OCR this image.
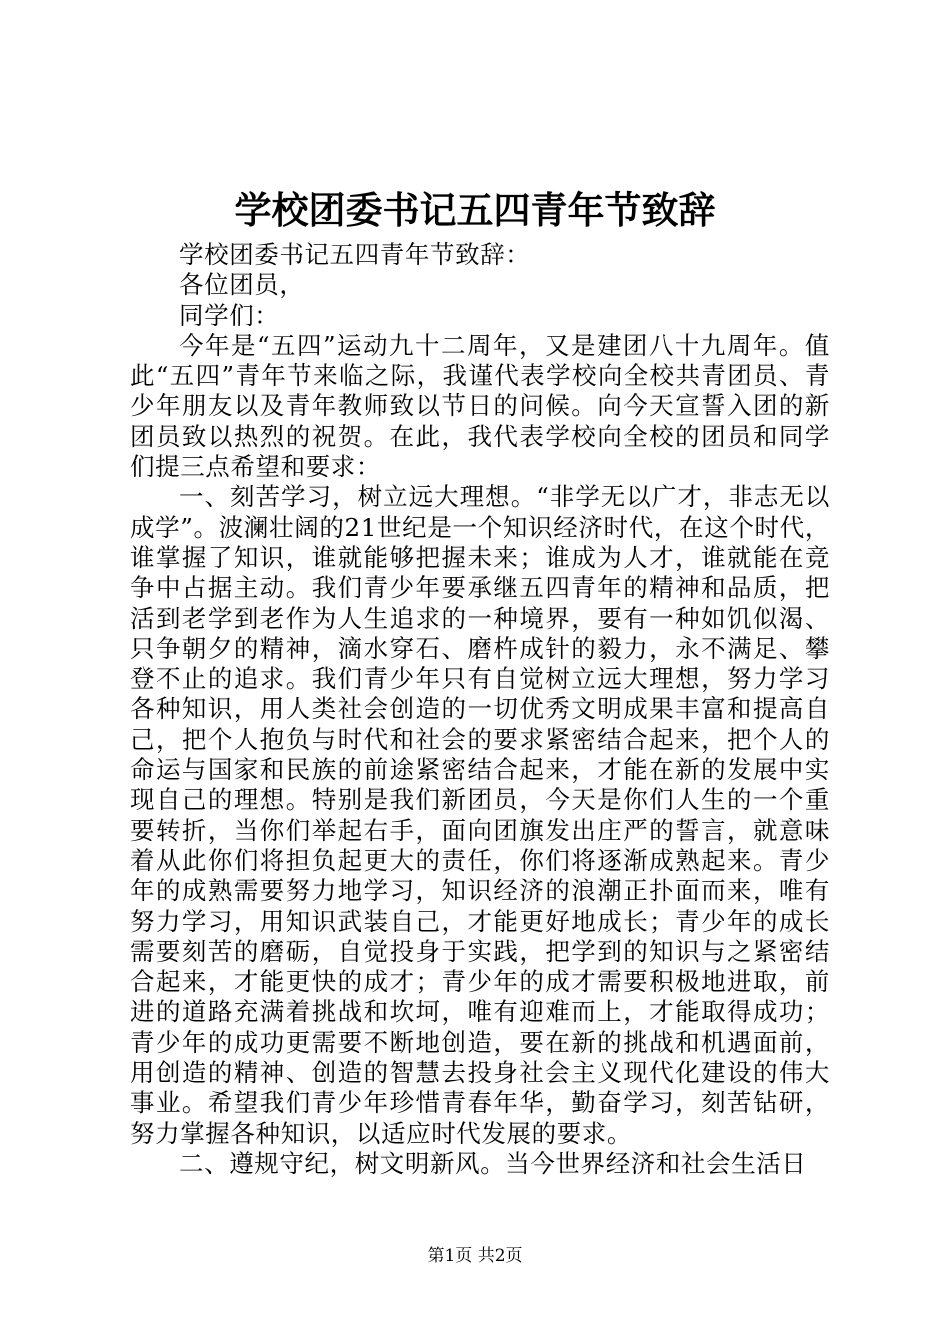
学校团委书记五四青年节致辞

学校团委书记五四青年节致辞：

各位团员，

同学们：

今年是“五四”运动九十二周年，又是建团八十九周年。值此“五四”青年节来临之际，我谨代表学校向全校共青团员、青少年朋友以及青年教师致以节日的问候。向今天宣誓入团的新团员致以热烈的祝贺。在此，我代表学校向全校的团员和同学们提三点希望和要求：

一、刻苦学习，树立远大理想。“非学无以广才，非志无以成学”。波澜壮阔的21世纪是一个知识经济时代，在这个时代，谁掌握了知识，谁就能够把握未来；谁成为人才，谁就能在竞争中占据主动。我们青少年要承继五四青年的精神和品质，把活到老学到老作为人生追求的一种境界，要有一种如饥似渴、只争朝夕的精神，滴水穿石、磨杵成针的毅力，永不满足、攀登不止的追求。我们青少年只有自觉树立远大理想，努力学习各种知识，用人类社会创造的一切优秀文明成果丰富和提高自己，把个人抱负与时代和社会的要求紧密结合起来，把个人的命运与国家和民族的前途紧密结合起来，才能在新的发展中实现自己的理想。特别是我们新团员，今天是你们人生的一个重要转折，当你们举起右手，面向团旗发出庄严的誓言，就意味着从此你们将担负起更大的责任，你们将逐渐成熟起来。青少年的成熟需要努力地学习，知识经济的浪潮正扑面而来，唯有努力学习，用知识武装自己，才能更好地成长；青少年的成长需要刻苦的磨砺，自觉投身于实践，把学到的知识与之紧密结合起来，才能更快的成才；青少年的成才需要积极地进取，前进的道路充满着挑战和坎坷，唯有迎难而上，才能取得成功；青少年的成功更需要不断地创造，要在新的挑战和机遇面前，用创造的精神、创造的智慧去投身社会主义现代化建设的伟大事业。希望我们青少年珍惜青春年华，勤奋学习，刻苦钻研，努力掌握各种知识，以适应时代发展的要求。

二、遵规守纪，树文明新风。当今世界经济和社会生活日

第1页 共2页
